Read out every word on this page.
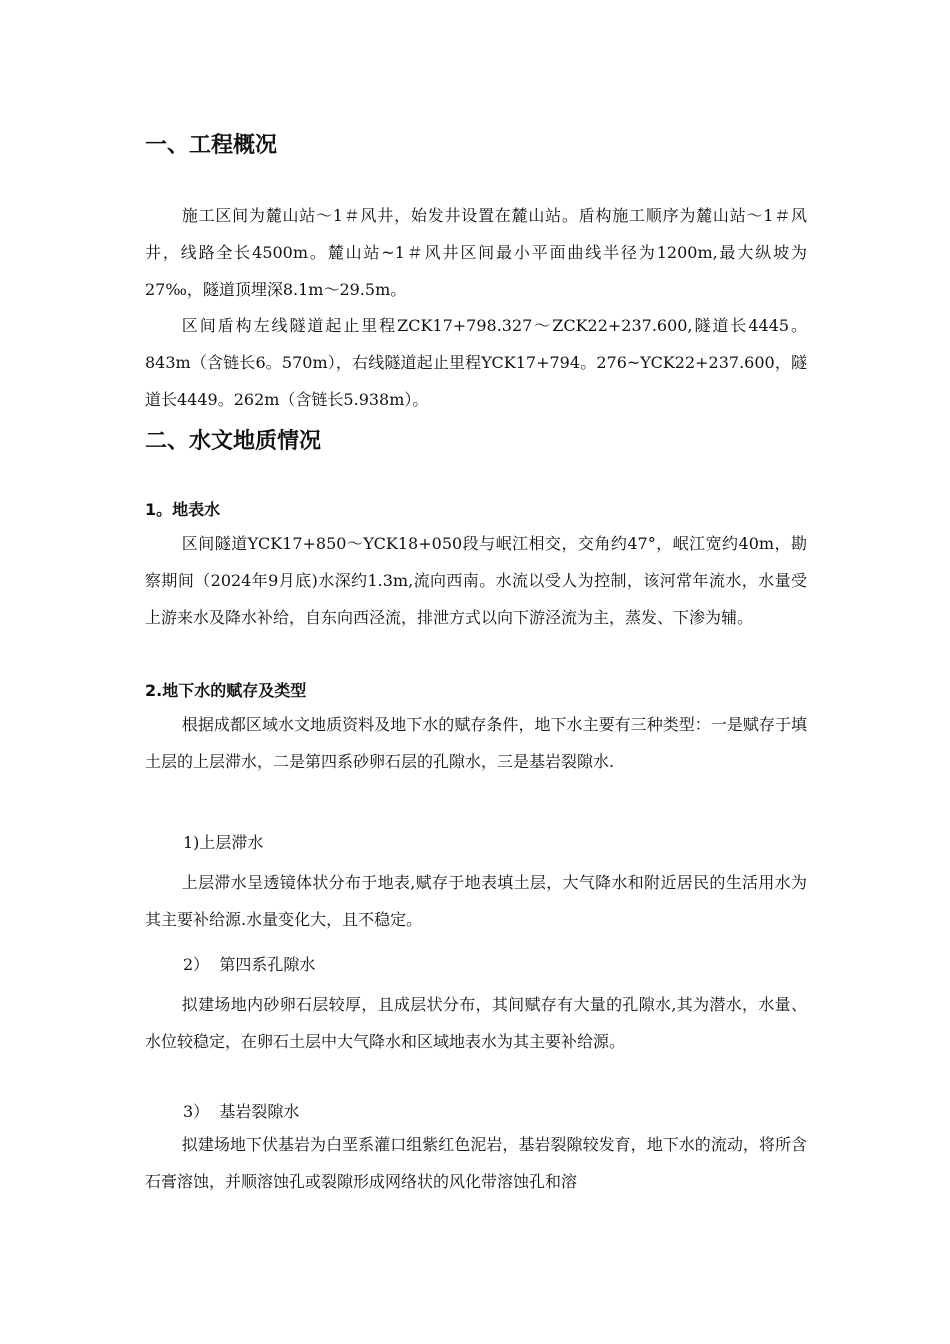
一、工程概况

施工区间为麓山站～1＃风井，始发井设置在麓山站。盾构施工顺序为麓山站～1＃风井，线路全长4500m。麓山站~1＃风井区间最小平面曲线半径为1200m,最大纵坡为27‰，隧道顶埋深8.1m～29.5m。

区间盾构左线隧道起止里程ZCK17+798.327～ZCK22+237.600,隧道长4445。843m（含链长6。570m），右线隧道起止里程YCK17+794。276~YCK22+237.600，隧道长4449。262m（含链长5.938m）。

二、水文地质情况
1。地表水

区间隧道YCK17+850～YCK18+050段与岷江相交，交角约47°，岷江宽约40m，勘察期间（2024年9月底)水深约1.3m,流向西南。水流以受人为控制，该河常年流水，水量受上游来水及降水补给，自东向西泾流，排泄方式以向下游泾流为主，蒸发、下渗为辅。

2.地下水的赋存及类型

根据成都区域水文地质资料及地下水的赋存条件，地下水主要有三种类型：一是赋存于填土层的上层滞水，二是第四系砂卵石层的孔隙水，三是基岩裂隙水.

1)上层滞水

上层滞水呈透镜体状分布于地表,赋存于地表填土层，大气降水和附近居民的生活用水为其主要补给源.水量变化大，且不稳定。

2）  第四系孔隙水

拟建场地内砂卵石层较厚，且成层状分布，其间赋存有大量的孔隙水,其为潜水，水量、水位较稳定，在卵石土层中大气降水和区域地表水为其主要补给源。

3）  基岩裂隙水

拟建场地下伏基岩为白垩系灌口组紫红色泥岩，基岩裂隙较发育，地下水的流动，将所含石膏溶蚀，并顺溶蚀孔或裂隙形成网络状的风化带溶蚀孔和溶
